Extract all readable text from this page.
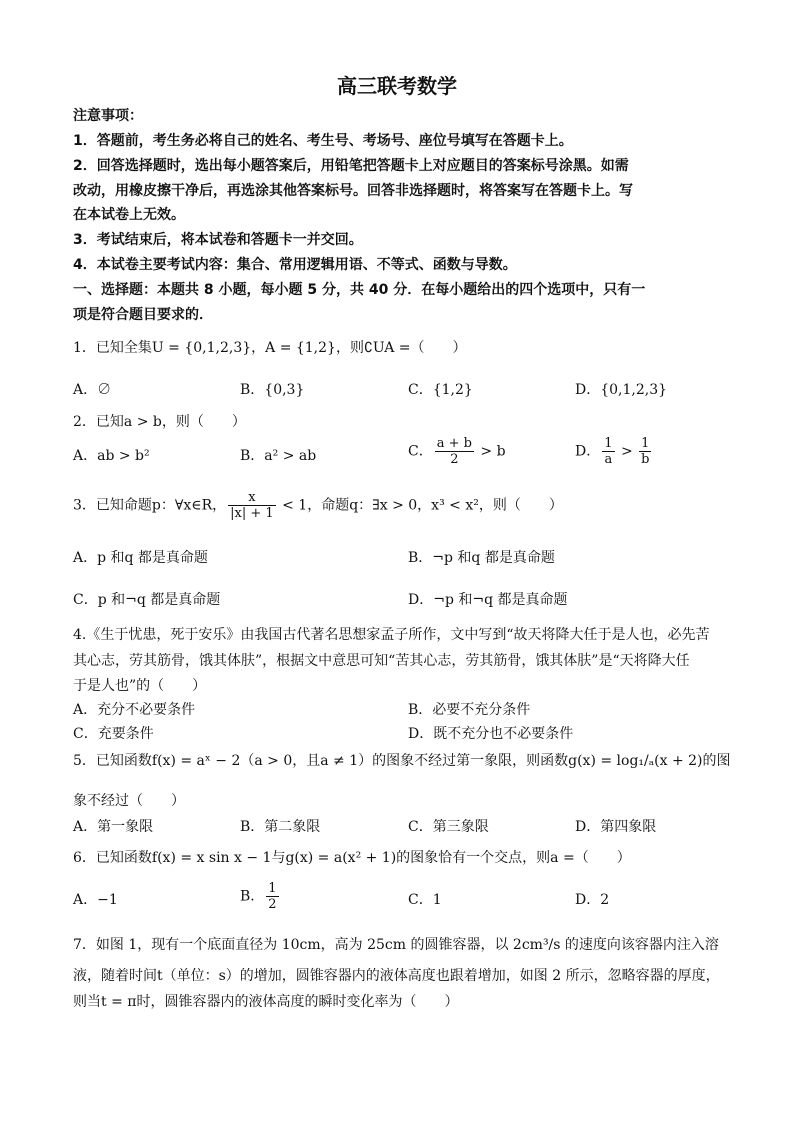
高三联考数学
注意事项：
1．答题前，考生务必将自己的姓名、考生号、考场号、座位号填写在答题卡上。
2．回答选择题时，选出每小题答案后，用铅笔把答题卡上对应题目的答案标号涂黑。如需
改动，用橡皮擦干净后，再选涂其他答案标号。回答非选择题时，将答案写在答题卡上。写
在本试卷上无效。
3．考试结束后，将本试卷和答题卡一并交回。
4．本试卷主要考试内容：集合、常用逻辑用语、不等式、函数与导数。
一、选择题：本题共 8 小题，每小题 5 分，共 40 分．在每小题给出的四个选项中，只有一
项是符合题目要求的．
1．已知全集U = {0,1,2,3}，A = {1,2}，则∁UA =（　　）
A．∅	B．{0,3}	C．{1,2}	D．{0,1,2,3}
2．已知a > b，则（　　）
A．ab > b²	B．a² > ab	C． $\frac{a + b}{2} > b$	D． $\frac{1}{a} > \frac{1}{b}$
3．已知命题p：∀x∈R， $\frac{x}{|x| + 1} < 1$，命题q：∃x > 0，x³ < x²，则（　　）
A．p 和q 都是真命题	B．¬p 和q 都是真命题
C．p 和¬q 都是真命题	D．¬p 和¬q 都是真命题
4.《生于忧患，死于安乐》由我国古代著名思想家孟子所作，文中写到“故天将降大任于是人也，必先苦
其心志，劳其筋骨，饿其体肤”，根据文中意思可知“苦其心志，劳其筋骨，饿其体肤”是“天将降大任
于是人也”的（　　）
A．充分不必要条件	B．必要不充分条件
C．充要条件	D．既不充分也不必要条件
5．已知函数f(x) = aˣ − 2（a > 0，且a ≠ 1）的图象不经过第一象限，则函数g(x) = log₁/ₐ(x + 2)的图
象不经过（　　）
A．第一象限	B．第二象限	C．第三象限	D．第四象限
6．已知函数f(x) = x sin x − 1与g(x) = a(x² + 1)的图象恰有一个交点，则a =（　　）
A．−1	B． $\frac{1}{2}$	C．1	D．2
7．如图 1，现有一个底面直径为 10cm，高为 25cm 的圆锥容器，以 2cm³/s 的速度向该容器内注入溶
液，随着时间t（单位：s）的增加，圆锥容器内的液体高度也跟着增加，如图 2 所示，忽略容器的厚度，
则当t = π时，圆锥容器内的液体高度的瞬时变化率为（　　）
